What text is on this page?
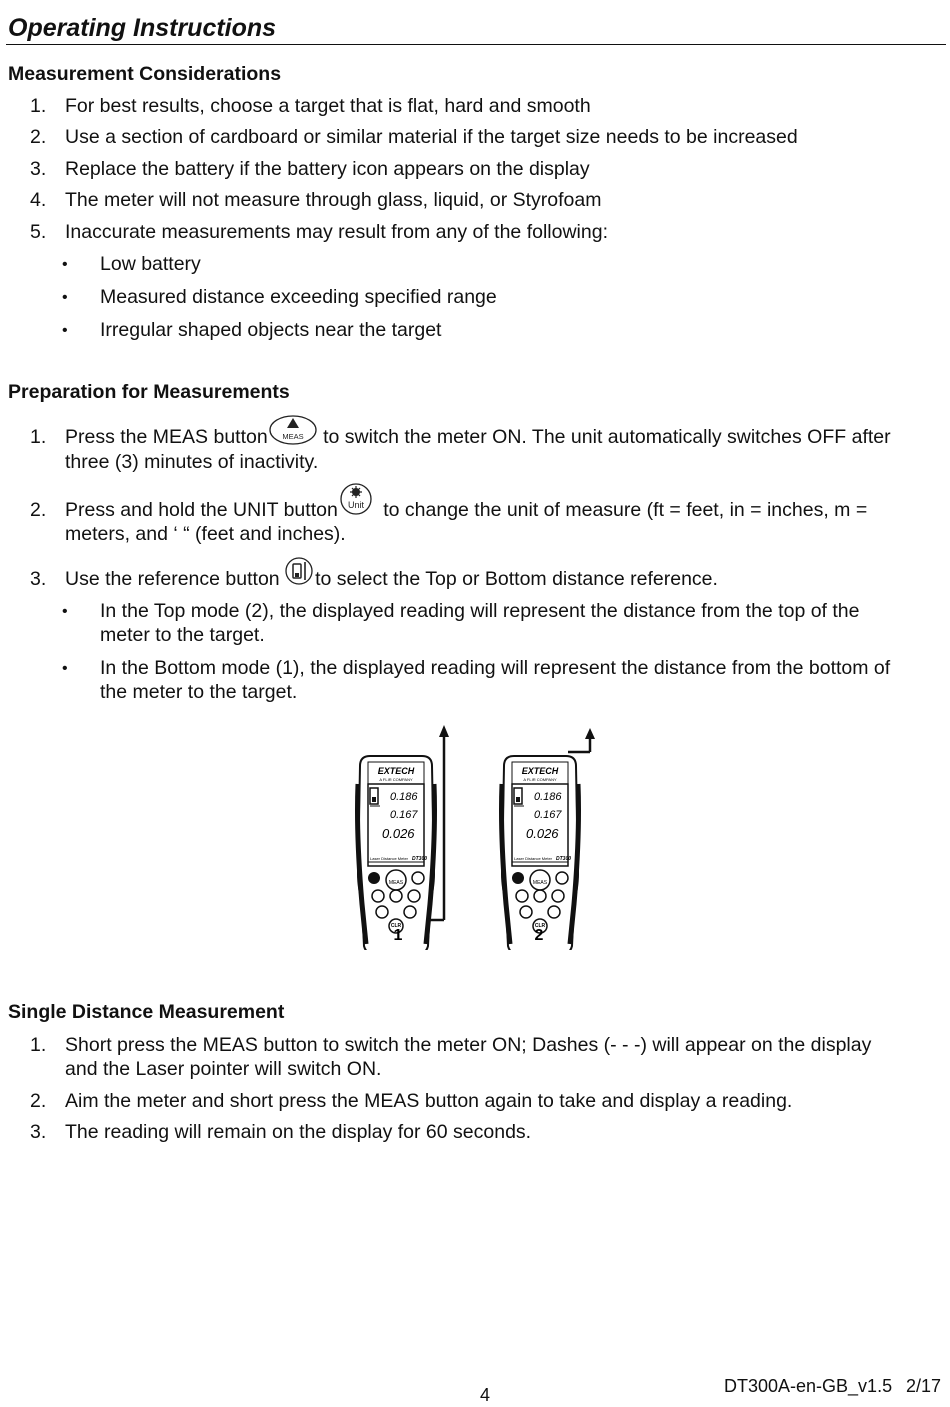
Operating Instructions
Measurement Considerations
1. For best results, choose a target that is flat, hard and smooth
2. Use a section of cardboard or similar material if the target size needs to be increased
3. Replace the battery if the battery icon appears on the display
4. The meter will not measure through glass, liquid, or Styrofoam
5. Inaccurate measurements may result from any of the following:
• Low battery
• Measured distance exceeding specified range
• Irregular shaped objects near the target
Preparation for Measurements
1. Press the MEAS button MEAS to switch the meter ON. The unit automatically switches OFF after
three (3) minutes of inactivity.
2. Press and hold the UNIT button Unit to change the unit of measure (ft = feet, in = inches, m =
meters, and ‘ “ (feet and inches).
3. Use the reference button to select the Top or Bottom distance reference.
• In the Top mode (2), the displayed reading will represent the distance from the top of the
meter to the target.
• In the Bottom mode (1), the displayed reading will represent the distance from the bottom of
the meter to the target.
EXTECH
A FLIR COMPANY
0.186
0.167
0.026
Laser Distance Meter DT300
MEAS
CLR
EXTECH
A FLIR COMPANY
0.186
0.167
0.026
Laser Distance Meter DT300
MEAS
CLR
1	2
Single Distance Measurement
1. Short press the MEAS button to switch the meter ON; Dashes (- - -) will appear on the display
and the Laser pointer will switch ON.
2. Aim the meter and short press the MEAS button again to take and display a reading.
3. The reading will remain on the display for 60 seconds.
4	DT300A-en-GB_v1.5 2/17
